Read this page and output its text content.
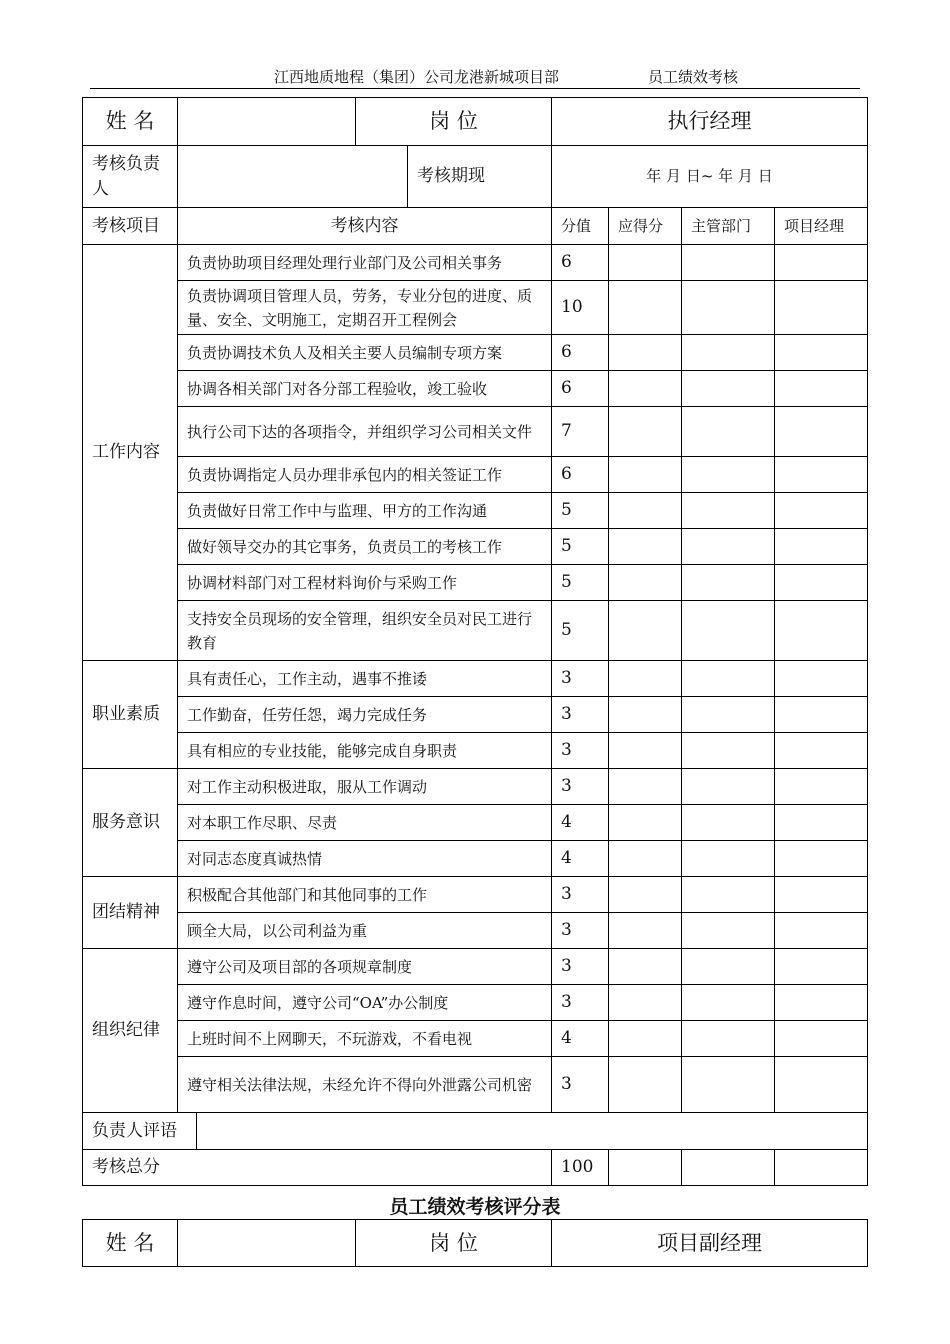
江西地质地程（集团）公司龙港新城项目部	员工绩效考核
姓 名		岗 位		执行经理			
考核负责人			考核期现	年 月 日~ 年 月 日			
考核项目	考核内容			分值	应得分	主管部门	项目经理
工作内容	负责协助项目经理处理行业部门及公司相关事务			6			
	负责协调项目管理人员，劳务，专业分包的进度、质量、安全、文明施工，定期召开工程例会			10			
	负责协调技术负人及相关主要人员编制专项方案			6			
	协调各相关部门对各分部工程验收，竣工验收			6			
	执行公司下达的各项指令，并组织学习公司相关文件			7			
	负责协调指定人员办理非承包内的相关签证工作			6			
	负责做好日常工作中与监理、甲方的工作沟通			5			
	做好领导交办的其它事务，负责员工的考核工作			5			
	协调材料部门对工程材料询价与采购工作			5			
	支持安全员现场的安全管理，组织安全员对民工进行教育			5			
职业素质	具有责任心，工作主动，遇事不推诿			3			
	工作勤奋，任劳任怨，竭力完成任务			3			
	具有相应的专业技能，能够完成自身职责			3			
服务意识	对工作主动积极进取，服从工作调动			3			
	对本职工作尽职、尽责			4			
	对同志态度真诚热情			4			
团结精神	积极配合其他部门和其他同事的工作			3			
	顾全大局，以公司利益为重			3			
组织纪律	遵守公司及项目部的各项规章制度			3			
	遵守作息时间，遵守公司“OA”办公制度			3			
	上班时间不上网聊天，不玩游戏，不看电视			4			
	遵守相关法律法规，未经允许不得向外泄露公司机密			3			

负责人评语							

考核总分				100			
员工绩效考核评分表
姓 名		岗 位	项目副经理
